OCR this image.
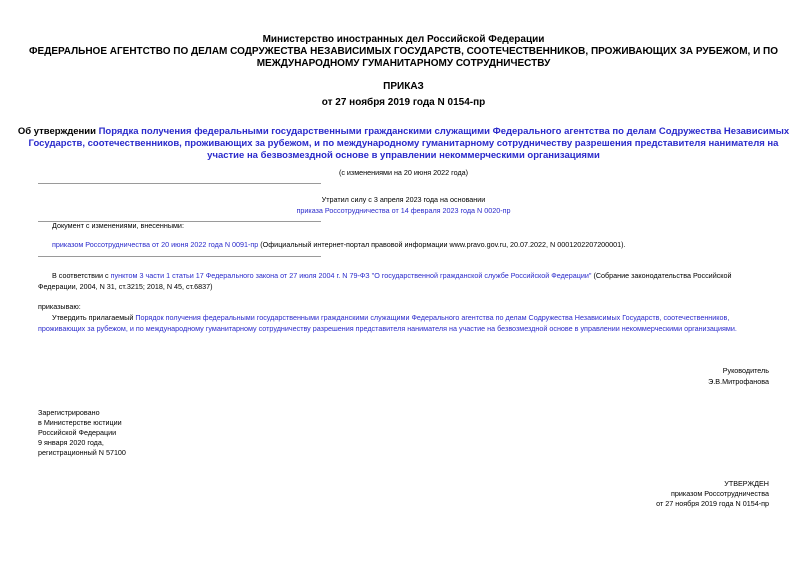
Министерство иностранных дел Российской Федерации
ФЕДЕРАЛЬНОЕ АГЕНТСТВО ПО ДЕЛАМ СОДРУЖЕСТВА НЕЗАВИСИМЫХ ГОСУДАРСТВ, СООТЕЧЕСТВЕННИКОВ, ПРОЖИВАЮЩИХ ЗА РУБЕЖОМ, И ПО
МЕЖДУНАРОДНОМУ ГУМАНИТАРНОМУ СОТРУДНИЧЕСТВУ
ПРИКАЗ
от 27 ноября 2019 года N 0154-пр
Об утверждении Порядка получения федеральными государственными гражданскими служащими Федерального агентства по делам Содружества Независимых
Государств, соотечественников, проживающих за рубежом, и по международному гуманитарному сотрудничеству разрешения представителя нанимателя на
участие на безвозмездной основе в управлении некоммерческими организациями
(с изменениями на 20 июня 2022 года)
Утратил силу с 3 апреля 2023 года на основании
приказа Россотрудничества от 14 февраля 2023 года N 0020-пр
Документ с изменениями, внесенными:
приказом Россотрудничества от 20 июня 2022 года N 0091-пр (Официальный интернет-портал правовой информации www.pravo.gov.ru, 20.07.2022, N 0001202207200001).
В соответствии с пунктом 3 части 1 статьи 17 Федерального закона от 27 июля 2004 г. N 79-ФЗ "О государственной гражданской службе Российской Федерации" (Собрание законодательства Российской
Федерации, 2004, N 31, ст.3215; 2018, N 45, ст.6837)
приказываю:
Утвердить прилагаемый Порядок получения федеральными государственными гражданскими служащими Федерального агентства по делам Содружества Независимых Государств, соотечественников,
проживающих за рубежом, и по международному гуманитарному сотрудничеству разрешения представителя нанимателя на участие на безвозмездной основе в управлении некоммерческими организациями.
Руководитель
Э.В.Митрофанова
Зарегистрировано
в Министерстве юстиции
Российской Федерации
9 января 2020 года,
регистрационный N 57100
УТВЕРЖДЕН
приказом Россотрудничества
от 27 ноября 2019 года N 0154-пр
